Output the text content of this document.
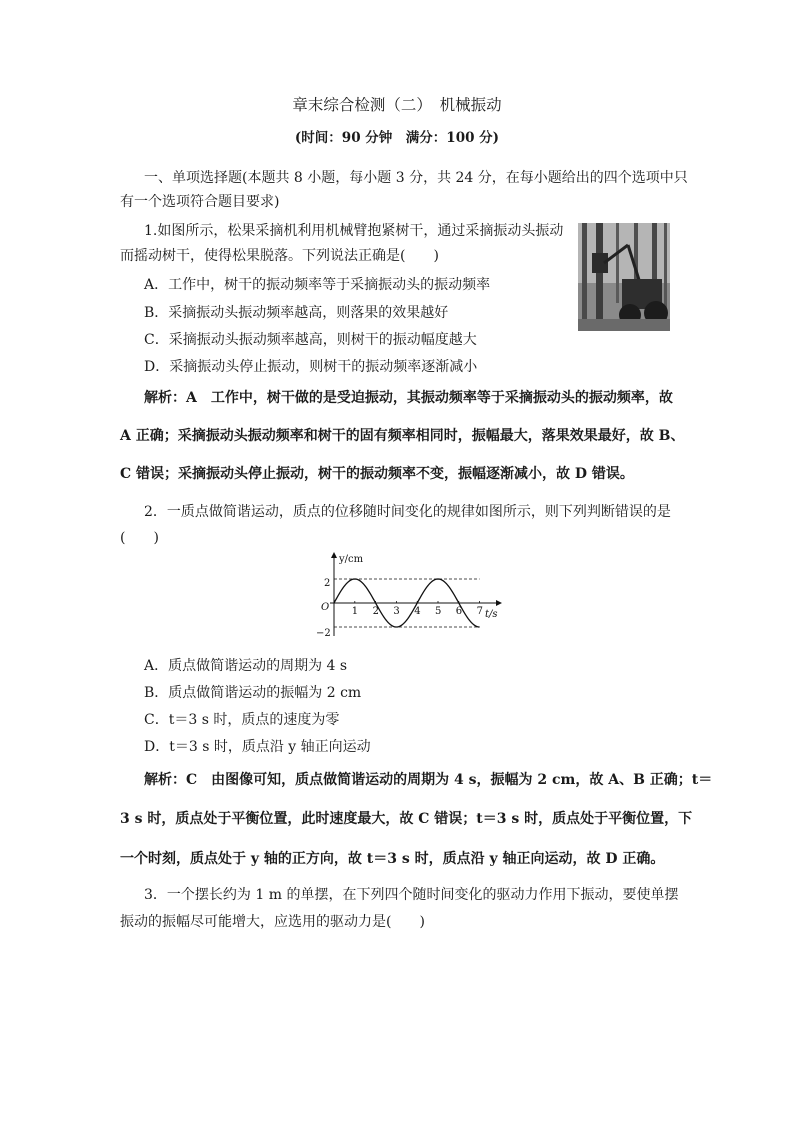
章末综合检测（二）　机械振动
(时间：90 分钟　满分：100 分)
一、单项选择题(本题共 8 小题，每小题 3 分，共 24 分，在每小题给出的四个选项中只
有一个选项符合题目要求)
1.如图所示，松果采摘机利用机械臂抱紧树干，通过采摘振动头振动
而摇动树干，使得松果脱落。下列说法正确是(　　)
A．工作中，树干的振动频率等于采摘振动头的振动频率
B．采摘振动头振动频率越高，则落果的效果越好
C．采摘振动头振动频率越高，则树干的振动幅度越大
D．采摘振动头停止振动，则树干的振动频率逐渐减小
解析：A　工作中，树干做的是受迫振动，其振动频率等于采摘振动头的振动频率，故
A 正确；采摘振动头振动频率和树干的固有频率相同时，振幅最大，落果效果最好，故 B、
C 错误；采摘振动头停止振动，树干的振动频率不变，振幅逐渐减小，故 D 错误。
2．一质点做简谐运动，质点的位移随时间变化的规律如图所示，则下列判断错误的是
(　　)
y/cm
t/s
O
2
−2
1 2 3 4 5 6 7
A．质点做简谐运动的周期为 4 s
B．质点做简谐运动的振幅为 2 cm
C．t＝3 s 时，质点的速度为零
D．t＝3 s 时，质点沿 y 轴正向运动
解析：C　由图像可知，质点做简谐运动的周期为 4 s，振幅为 2 cm，故 A、B 正确；t＝
3 s 时，质点处于平衡位置，此时速度最大，故 C 错误；t＝3 s 时，质点处于平衡位置，下
一个时刻，质点处于 y 轴的正方向，故 t＝3 s 时，质点沿 y 轴正向运动，故 D 正确。
3．一个摆长约为 1 m 的单摆，在下列四个随时间变化的驱动力作用下振动，要使单摆
振动的振幅尽可能增大，应选用的驱动力是(　　)
